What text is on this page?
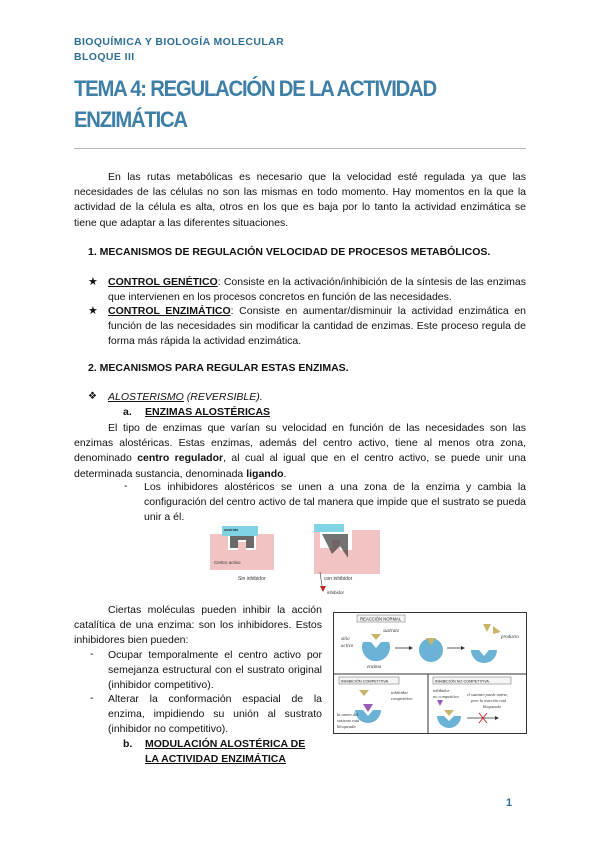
BIOQUÍMICA Y BIOLOGÍA MOLECULAR
BLOQUE III
TEMA 4: REGULACIÓN DE LA ACTIVIDAD
ENZIMÁTICA

En las rutas metabólicas es necesario que la velocidad esté regulada ya que las necesidades de las células no son las mismas en todo momento. Hay momentos en la que la actividad de la célula es alta, otros en los que es baja por lo tanto la actividad enzimática se tiene que adaptar a las diferentes situaciones.

1. MECANISMOS DE REGULACIÓN VELOCIDAD DE PROCESOS METABÓLICOS.
★ CONTROL GENÉTICO: Consiste en la activación/inhibición de la síntesis de las enzimas que intervienen en los procesos concretos en función de las necesidades.
★ CONTROL ENZIMÁTICO: Consiste en aumentar/disminuir la actividad enzimática en función de las necesidades sin modificar la cantidad de enzimas. Este proceso regula de forma más rápida la actividad enzimática.
2. MECANISMOS PARA REGULAR ESTAS ENZIMAS.
❖ ALOSTERISMO (REVERSIBLE).
a. ENZIMAS ALOSTÉRICAS

El tipo de enzimas que varían su velocidad en función de las necesidades son las enzimas alostéricas. Estas enzimas, además del centro activo, tiene al menos otra zona, denominado centro regulador, al cual al igual que en el centro activo, se puede unir una determinada sustancia, denominada ligando.

- Los inhibidores alostéricos se unen a una zona de la enzima y cambia la configuración del centro activo de tal manera que impide que el sustrato se pueda unir a él.

sustrato
Centro activo
Sin inhibidor	con inhibidor
inhibidor

Ciertas moléculas pueden inhibir la acción catalítica de una enzima: son los inhibidores. Estos inhibidores bien pueden:

- Ocupar temporalmente el centro activo por semejanza estructural con el sustrato original (inhibidor competitivo).
- Alterar la conformación espacial de la enzima, impidiendo su unión al sustrato (inhibidor no competitivo).
b. MODULACIÓN ALOSTÉRICA DE
LA ACTIVIDAD ENZIMÁTICA
REACCIÓN NORMAL
sitio
activo
sustrato
enzima
producto
INHIBICIÓN COMPETITIVA
inhibidor
competitivo
la unión del
sustrato está
bloqueada
INHIBICIÓN NO COMPETITIVA
inhibidor
no competitivo el sustrato puede unirse,
pero la reacción está
bloqueada
1
